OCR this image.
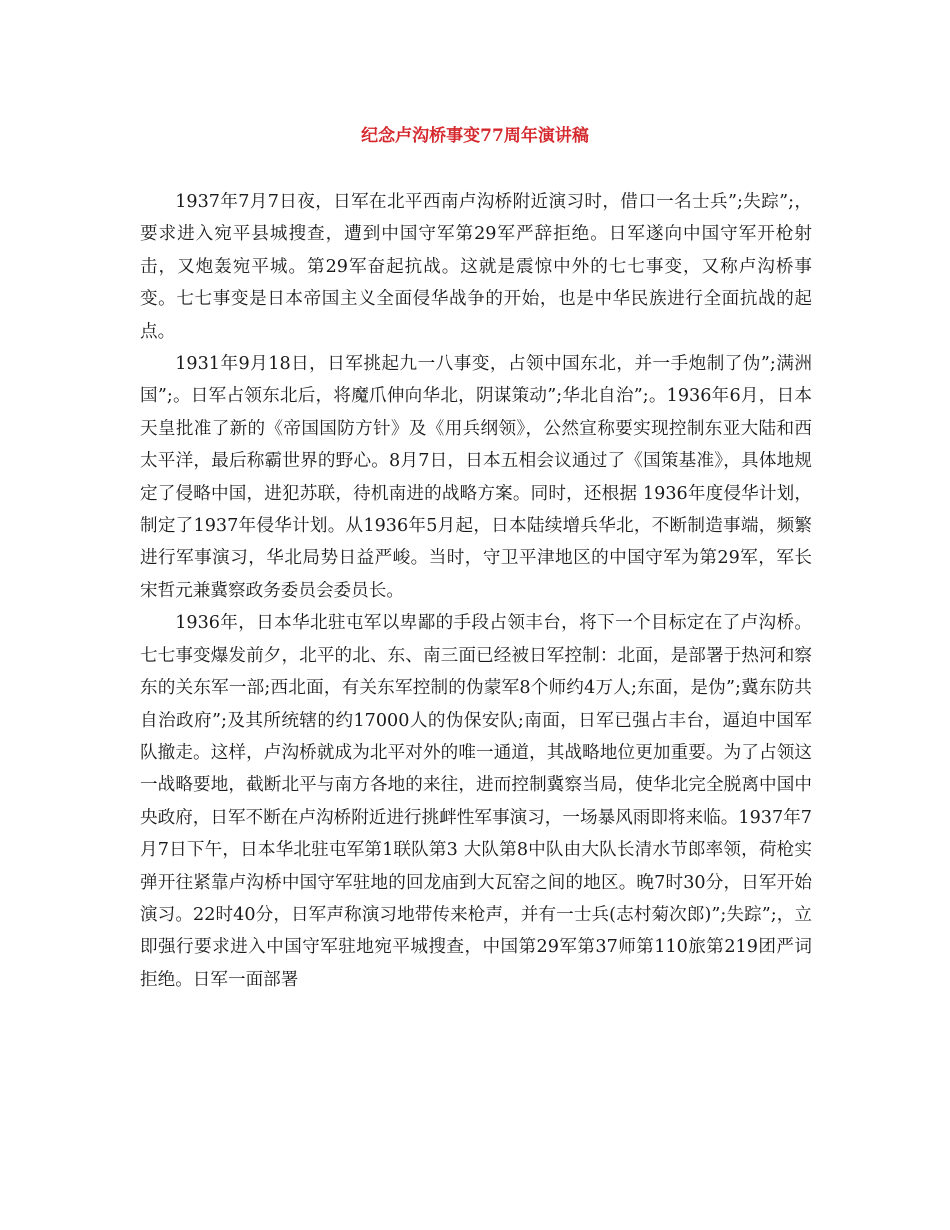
纪念卢沟桥事变77周年演讲稿

1937年7月7日夜，日军在北平西南卢沟桥附近演习时，借口一名士兵”;失踪”;，要求进入宛平县城搜查，遭到中国守军第29军严辞拒绝。日军遂向中国守军开枪射击，又炮轰宛平城。第29军奋起抗战。这就是震惊中外的七七事变，又称卢沟桥事变。七七事变是日本帝国主义全面侵华战争的开始，也是中华民族进行全面抗战的起点。

1931年9月18日，日军挑起九一八事变，占领中国东北，并一手炮制了伪”;满洲国”;。日军占领东北后，将魔爪伸向华北，阴谋策动”;华北自治”;。1936年6月，日本天皇批准了新的《帝国国防方针》及《用兵纲领》，公然宣称要实现控制东亚大陆和西太平洋，最后称霸世界的野心。8月7日，日本五相会议通过了《国策基准》，具体地规定了侵略中国，进犯苏联，待机南进的战略方案。同时，还根据 1936年度侵华计划，制定了1937年侵华计划。从1936年5月起，日本陆续增兵华北，不断制造事端，频繁进行军事演习，华北局势日益严峻。当时，守卫平津地区的中国守军为第29军，军长宋哲元兼冀察政务委员会委员长。

1936年，日本华北驻屯军以卑鄙的手段占领丰台，将下一个目标定在了卢沟桥。七七事变爆发前夕，北平的北、东、南三面已经被日军控制：北面，是部署于热河和察东的关东军一部;西北面，有关东军控制的伪蒙军8个师约4万人;东面，是伪”;冀东防共自治政府”;及其所统辖的约17000人的伪保安队;南面，日军已强占丰台，逼迫中国军队撤走。这样，卢沟桥就成为北平对外的唯一通道，其战略地位更加重要。为了占领这一战略要地，截断北平与南方各地的来往，进而控制冀察当局，使华北完全脱离中国中央政府，日军不断在卢沟桥附近进行挑衅性军事演习，一场暴风雨即将来临。1937年7月7日下午，日本华北驻屯军第1联队第3 大队第8中队由大队长清水节郎率领，荷枪实弹开往紧靠卢沟桥中国守军驻地的回龙庙到大瓦窑之间的地区。晚7时30分，日军开始演习。22时40分，日军声称演习地带传来枪声，并有一士兵(志村菊次郎)”;失踪”;，立即强行要求进入中国守军驻地宛平城搜查，中国第29军第37师第110旅第219团严词拒绝。日军一面部署
